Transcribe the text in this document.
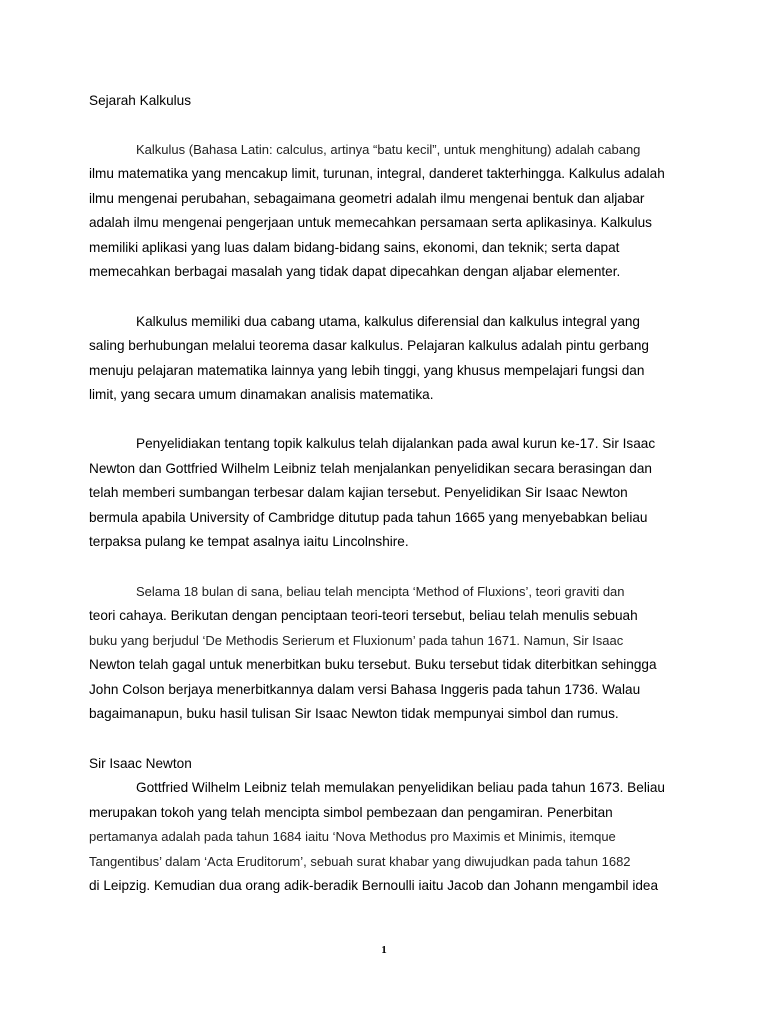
Sejarah Kalkulus
Kalkulus (Bahasa Latin: calculus, artinya “batu kecil”, untuk menghitung) adalah cabang
ilmu matematika yang mencakup limit, turunan, integral, danderet takterhingga. Kalkulus adalah
ilmu mengenai perubahan, sebagaimana geometri adalah ilmu mengenai bentuk dan aljabar
adalah ilmu mengenai pengerjaan untuk memecahkan persamaan serta aplikasinya. Kalkulus
memiliki aplikasi yang luas dalam bidang-bidang sains, ekonomi, dan teknik; serta dapat
memecahkan berbagai masalah yang tidak dapat dipecahkan dengan aljabar elementer.
Kalkulus memiliki dua cabang utama, kalkulus diferensial dan kalkulus integral yang
saling berhubungan melalui teorema dasar kalkulus. Pelajaran kalkulus adalah pintu gerbang
menuju pelajaran matematika lainnya yang lebih tinggi, yang khusus mempelajari fungsi dan
limit, yang secara umum dinamakan analisis matematika.
Penyelidiakan tentang topik kalkulus telah dijalankan pada awal kurun ke-17. Sir Isaac
Newton dan Gottfried Wilhelm Leibniz telah menjalankan penyelidikan secara berasingan dan
telah memberi sumbangan terbesar dalam kajian tersebut. Penyelidikan Sir Isaac Newton
bermula apabila University of Cambridge ditutup pada tahun 1665 yang menyebabkan beliau
terpaksa pulang ke tempat asalnya iaitu Lincolnshire.
Selama 18 bulan di sana, beliau telah mencipta ‘Method of Fluxions’, teori graviti dan
teori cahaya. Berikutan dengan penciptaan teori-teori tersebut, beliau telah menulis sebuah
buku yang berjudul ‘De Methodis Serierum et Fluxionum’ pada tahun 1671. Namun, Sir Isaac
Newton telah gagal untuk menerbitkan buku tersebut. Buku tersebut tidak diterbitkan sehingga
John Colson berjaya menerbitkannya dalam versi Bahasa Inggeris pada tahun 1736. Walau
bagaimanapun, buku hasil tulisan Sir Isaac Newton tidak mempunyai simbol dan rumus.
Sir Isaac Newton
Gottfried Wilhelm Leibniz telah memulakan penyelidikan beliau pada tahun 1673. Beliau
merupakan tokoh yang telah mencipta simbol pembezaan dan pengamiran. Penerbitan
pertamanya adalah pada tahun 1684 iaitu ‘Nova Methodus pro Maximis et Minimis, itemque
Tangentibus’ dalam ‘Acta Eruditorum’, sebuah surat khabar yang diwujudkan pada tahun 1682
di Leipzig. Kemudian dua orang adik-beradik Bernoulli iaitu Jacob dan Johann mengambil idea
1
